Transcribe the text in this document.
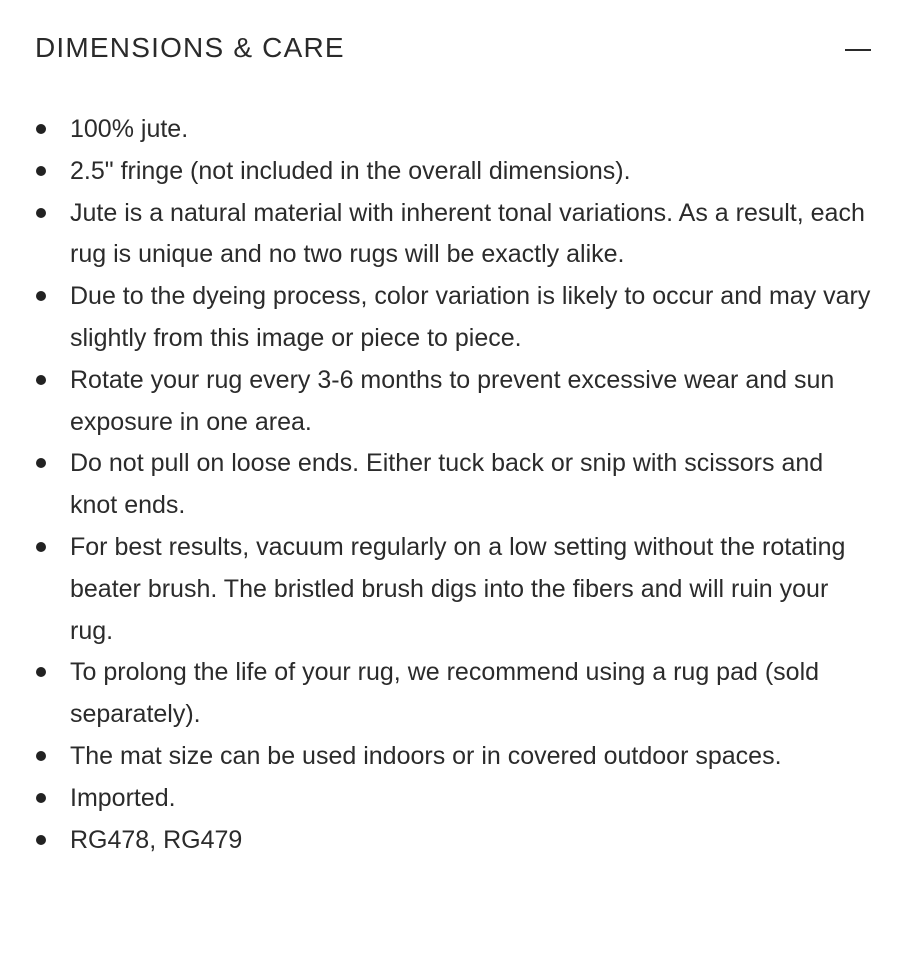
DIMENSIONS & CARE
100% jute.
2.5" fringe (not included in the overall dimensions).
Jute is a natural material with inherent tonal variations. As a result, each rug is unique and no two rugs will be exactly alike.
Due to the dyeing process, color variation is likely to occur and may vary slightly from this image or piece to piece.
Rotate your rug every 3-6 months to prevent excessive wear and sun exposure in one area.
Do not pull on loose ends. Either tuck back or snip with scissors and knot ends.
For best results, vacuum regularly on a low setting without the rotating beater brush. The bristled brush digs into the fibers and will ruin your rug.
To prolong the life of your rug, we recommend using a rug pad (sold separately).
The mat size can be used indoors or in covered outdoor spaces.
Imported.
RG478, RG479
